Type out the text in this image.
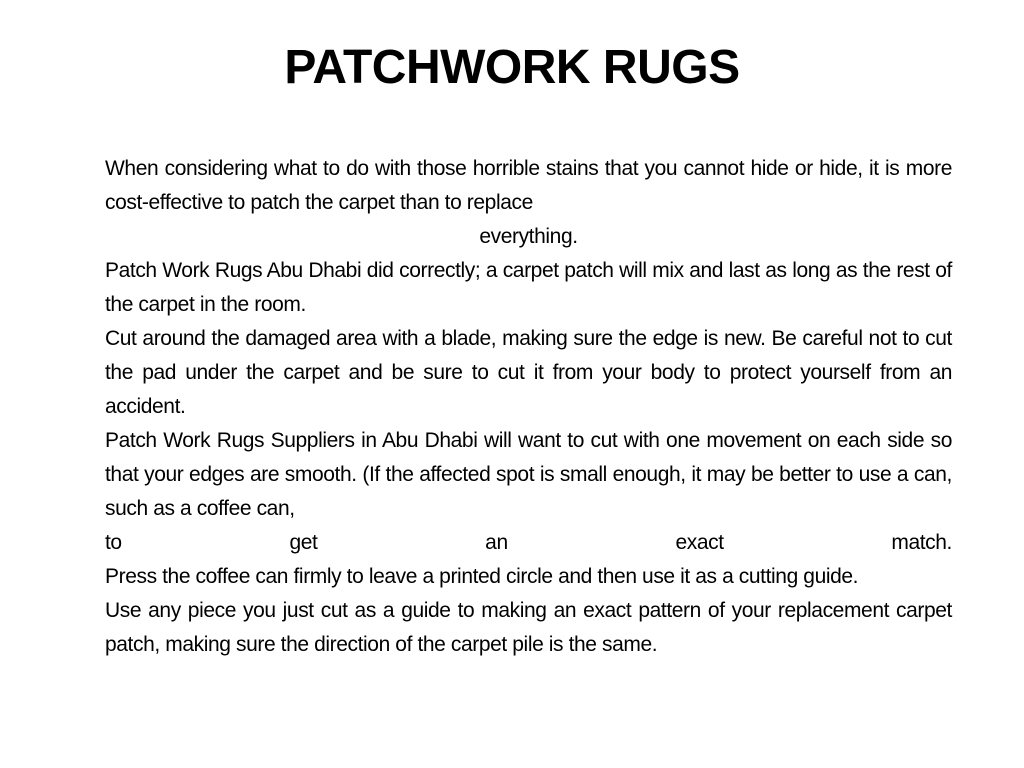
PATCHWORK RUGS

When considering what to do with those horrible stains that you cannot hide or hide, it is more cost-effective to patch the carpet than to replace

everything.

Patch Work Rugs Abu Dhabi did correctly; a carpet patch will mix and last as long as the rest of the carpet in the room.

Cut around the damaged area with a blade, making sure the edge is new. Be careful not to cut the pad under the carpet and be sure to cut it from your body to protect yourself from an accident.

Patch Work Rugs Suppliers in Abu Dhabi will want to cut with one movement on each side so that your edges are smooth. (If the affected spot is small enough, it may be better to use a can, such as a coffee can,

to get an exact match.

Press the coffee can firmly to leave a printed circle and then use it as a cutting guide.

Use any piece you just cut as a guide to making an exact pattern of your replacement carpet patch, making sure the direction of the carpet pile is the same.
